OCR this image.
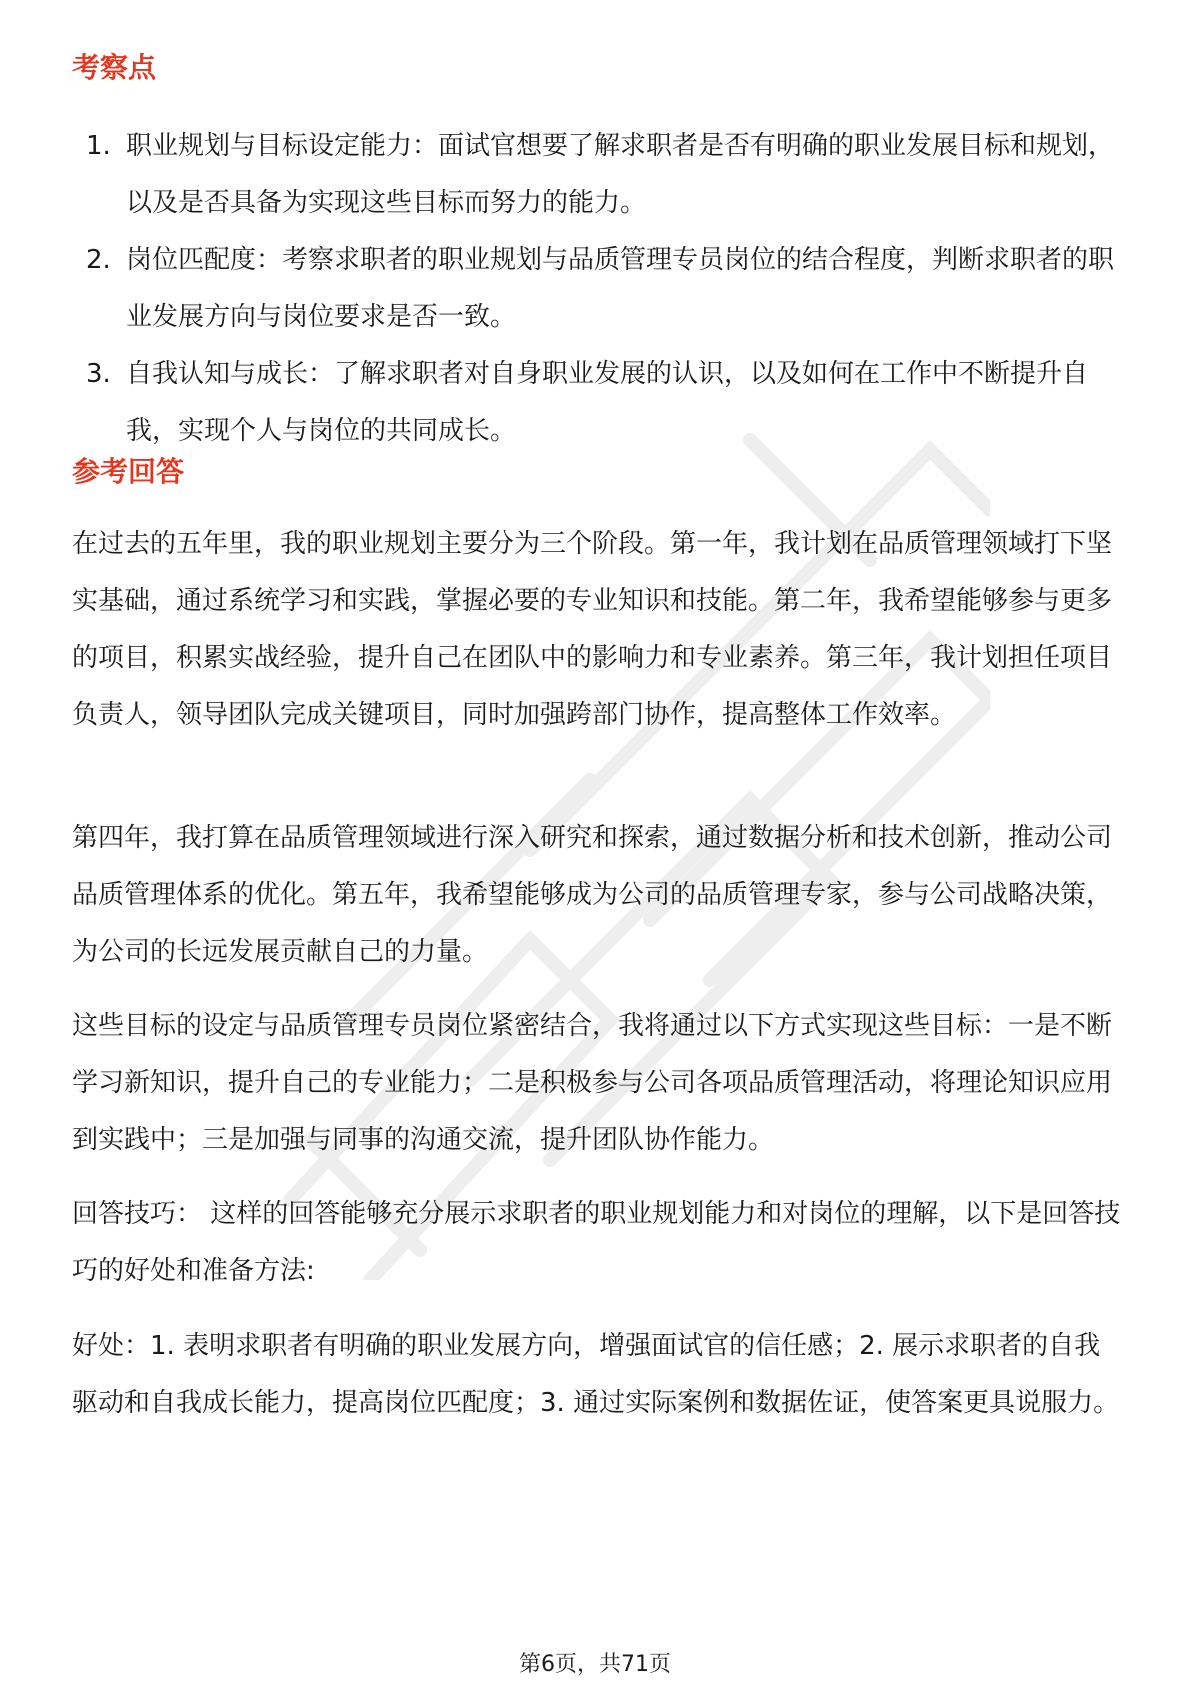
考察点
1. 职业规划与目标设定能力：面试官想要了解求职者是否有明确的职业发展目标和规划，以及是否具备为实现这些目标而努力的能力。
2. 岗位匹配度：考察求职者的职业规划与品质管理专员岗位的结合程度，判断求职者的职业发展方向与岗位要求是否一致。
3. 自我认知与成长：了解求职者对自身职业发展的认识，以及如何在工作中不断提升自我，实现个人与岗位的共同成长。
参考回答

在过去的五年里，我的职业规划主要分为三个阶段。第一年，我计划在品质管理领域打下坚实基础，通过系统学习和实践，掌握必要的专业知识和技能。第二年，我希望能够参与更多的项目，积累实战经验，提升自己在团队中的影响力和专业素养。第三年，我计划担任项目负责人，领导团队完成关键项目，同时加强跨部门协作，提高整体工作效率。

第四年，我打算在品质管理领域进行深入研究和探索，通过数据分析和技术创新，推动公司品质管理体系的优化。第五年，我希望能够成为公司的品质管理专家，参与公司战略决策，为公司的长远发展贡献自己的力量。

这些目标的设定与品质管理专员岗位紧密结合，我将通过以下方式实现这些目标：一是不断学习新知识，提升自己的专业能力；二是积极参与公司各项品质管理活动，将理论知识应用到实践中；三是加强与同事的沟通交流，提升团队协作能力。

回答技巧： 这样的回答能够充分展示求职者的职业规划能力和对岗位的理解，以下是回答技巧的好处和准备方法:

好处：1. 表明求职者有明确的职业发展方向，增强面试官的信任感；2. 展示求职者的自我驱动和自我成长能力，提高岗位匹配度；3. 通过实际案例和数据佐证，使答案更具说服力。

第6页，共71页
